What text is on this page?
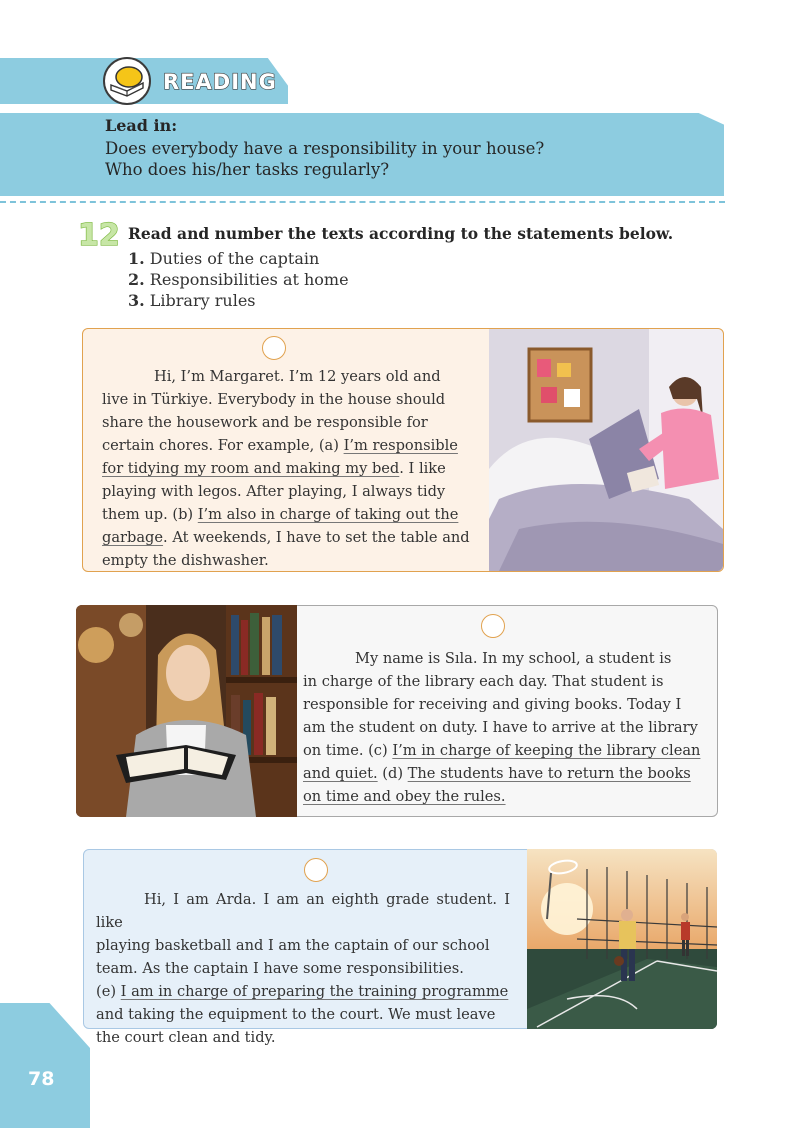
READING
Lead in:
Does everybody have a responsibility in your house?
Who does his/her tasks regularly?
12 Read and number the texts according to the statements below.
1. Duties of the captain
2. Responsibilities at home
3. Library rules

Hi, I’m Margaret. I’m 12 years old and

live in Türkiye. Everybody in the house should

share the housework and be responsible for

certain chores. For example, (a) I’m responsible

for tidying my room and making my bed. I like

playing with legos. After playing, I always tidy

them up. (b) I’m also in charge of taking out the

garbage. At weekends, I have to set the table and

empty the dishwasher.

My name is Sıla. In my school, a student is

in charge of the library each day. That student is

responsible for receiving and giving books. Today I

am the student on duty. I have to arrive at the library

on time. (c) I’m in charge of keeping the library clean

and quiet. (d) The students have to return the books

on time and obey the rules.

Hi, I am Arda. I am an eighth grade student. I like

playing basketball and I am the captain of our school

team. As the captain I have some responsibilities.

(e) I am in charge of preparing the training programme

and taking the equipment to the court. We must leave

the court clean and tidy.

78
